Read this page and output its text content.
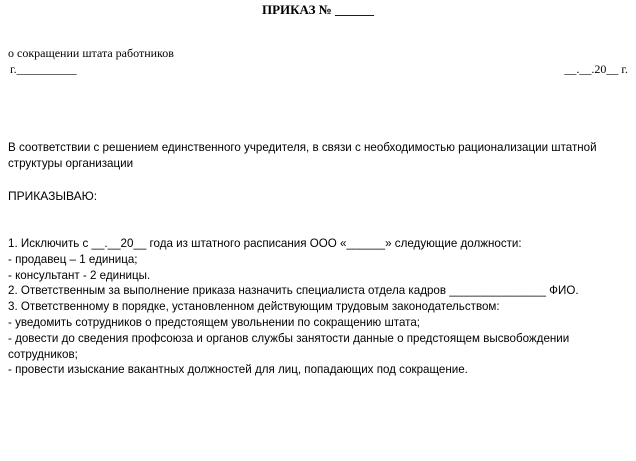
ПРИКАЗ № ______
о сокращении штата работников
г.__________	__.__.20__ г.
В соответствии с решением единственного учредителя, в связи с необходимостью рационализации штатной
структуры организации
ПРИКАЗЫВАЮ:
1. Исключить с __.__20__ года из штатного расписания ООО «______» следующие должности:
- продавец – 1 единица;
- консультант - 2 единицы.
2. Ответственным за выполнение приказа назначить специалиста отдела кадров _______________ ФИО.
3. Ответственному в порядке, установленном действующим трудовым законодательством:
- уведомить сотрудников о предстоящем увольнении по сокращению штата;
- довести до сведения профсоюза и органов службы занятости данные о предстоящем высвобождении
сотрудников;
- провести изыскание вакантных должностей для лиц, попадающих под сокращение.
